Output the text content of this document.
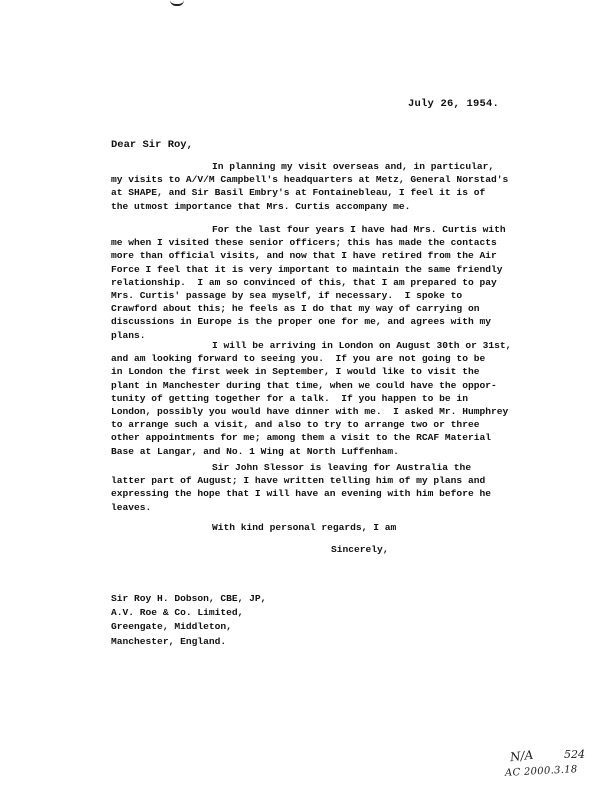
July 26, 1954.
Dear Sir Roy,
In planning my visit overseas and, in particular,
my visits to A/V/M Campbell's headquarters at Metz, General Norstad's
at SHAPE, and Sir Basil Embry's at Fontainebleau, I feel it is of
the utmost importance that Mrs. Curtis accompany me.
For the last four years I have had Mrs. Curtis with
me when I visited these senior officers; this has made the contacts
more than official visits, and now that I have retired from the Air
Force I feel that it is very important to maintain the same friendly
relationship.  I am so convinced of this, that I am prepared to pay
Mrs. Curtis' passage by sea myself, if necessary.  I spoke to
Crawford about this; he feels as I do that my way of carrying on
discussions in Europe is the proper one for me, and agrees with my
plans.
I will be arriving in London on August 30th or 31st,
and am looking forward to seeing you.  If you are not going to be
in London the first week in September, I would like to visit the
plant in Manchester during that time, when we could have the oppor-
tunity of getting together for a talk.  If you happen to be in
London, possibly you would have dinner with me.  I asked Mr. Humphrey
to arrange such a visit, and also to try to arrange two or three
other appointments for me; among them a visit to the RCAF Material
Base at Langar, and No. 1 Wing at North Luffenham.
Sir John Slessor is leaving for Australia the
latter part of August; I have written telling him of my plans and
expressing the hope that I will have an evening with him before he
leaves.
With kind personal regards, I am
Sincerely,
Sir Roy H. Dobson, CBE, JP,
A.V. Roe & Co. Limited,
Greengate, Middleton,
Manchester, England.
N/A	524
AC 2000.3.18
